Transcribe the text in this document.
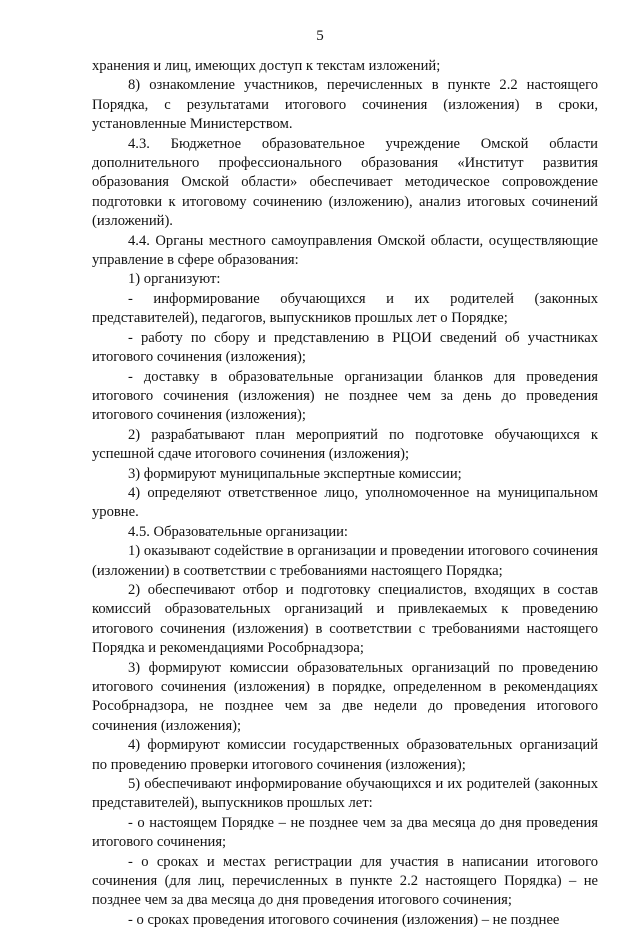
5

хранения и лиц, имеющих доступ к текстам изложений;

8) ознакомление участников, перечисленных в пункте 2.2 настоящего Порядка, с результатами итогового сочинения (изложения) в сроки, установленные Министерством.

4.3. Бюджетное образовательное учреждение Омской области дополнительного профессионального образования «Институт развития образования Омской области» обеспечивает методическое сопровождение подготовки к итоговому сочинению (изложению), анализ итоговых сочинений (изложений).

4.4. Органы местного самоуправления Омской области, осуществляющие управление в сфере образования:

1) организуют:

- информирование обучающихся и их родителей (законных представителей), педагогов, выпускников прошлых лет о Порядке;

- работу по сбору и представлению в РЦОИ сведений об участниках итогового сочинения (изложения);

- доставку в образовательные организации бланков для проведения итогового сочинения (изложения) не позднее чем за день до проведения итогового сочинения (изложения);

2) разрабатывают план мероприятий по подготовке обучающихся к успешной сдаче итогового сочинения (изложения);

3) формируют муниципальные экспертные комиссии;

4) определяют ответственное лицо, уполномоченное на муниципальном уровне.

4.5. Образовательные организации:

1) оказывают содействие в организации и проведении итогового сочинения (изложении) в соответствии с требованиями настоящего Порядка;

2) обеспечивают отбор и подготовку специалистов, входящих в состав комиссий образовательных организаций и привлекаемых к проведению итогового сочинения (изложения) в соответствии с требованиями настоящего Порядка и рекомендациями Рособрнадзора;

3) формируют комиссии образовательных организаций по проведению итогового сочинения (изложения) в порядке, определенном в рекомендациях Рособрнадзора, не позднее чем за две недели до проведения итогового сочинения (изложения);

4) формируют комиссии государственных образовательных организаций по проведению проверки итогового сочинения (изложения);

5) обеспечивают информирование обучающихся и их родителей (законных представителей), выпускников прошлых лет:

- о настоящем Порядке – не позднее чем за два месяца до дня проведения итогового сочинения;

- о сроках и местах регистрации для участия в написании итогового сочинения (для лиц, перечисленных в пункте 2.2 настоящего Порядка) – не позднее чем за два месяца до дня проведения итогового сочинения;

- о сроках проведения итогового сочинения (изложения) – не позднее
